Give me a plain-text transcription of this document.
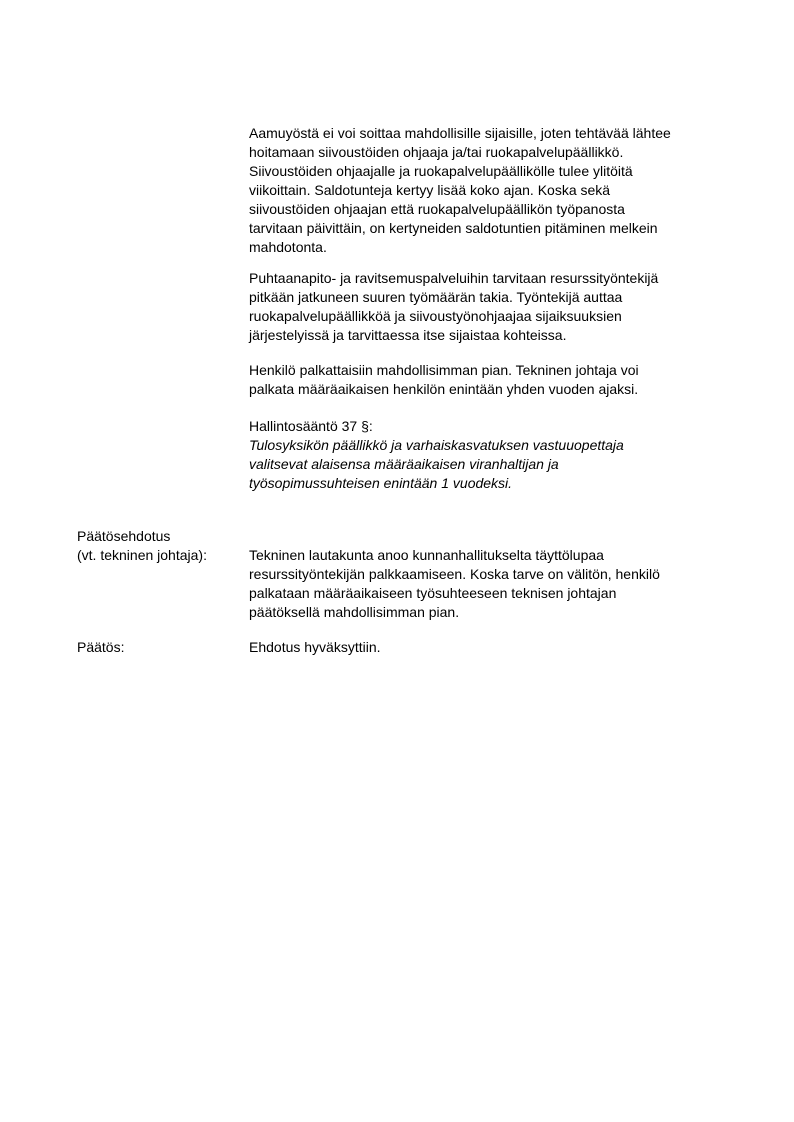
Aamuyöstä ei voi soittaa mahdollisille sijaisille, joten tehtävää lähtee
hoitamaan siivoustöiden ohjaaja ja/tai ruokapalvelupäällikkö.
Siivoustöiden ohjaajalle ja ruokapalvelupäällikölle tulee ylitöitä
viikoittain. Saldotunteja kertyy lisää koko ajan. Koska sekä
siivoustöiden ohjaajan että ruokapalvelupäällikön työpanosta
tarvitaan päivittäin, on kertyneiden saldotuntien pitäminen melkein
mahdotonta.

Puhtaanapito- ja ravitsemuspalveluihin tarvitaan resurssityöntekijä
pitkään jatkuneen suuren työmäärän takia. Työntekijä auttaa
ruokapalvelupäällikköä ja siivoustyönohjaajaa sijaiksuuksien
järjestelyissä ja tarvittaessa itse sijaistaa kohteissa.

Henkilö palkattaisiin mahdollisimman pian. Tekninen johtaja voi
palkata määräaikaisen henkilön enintään yhden vuoden ajaksi.

Hallintosääntö 37 §:

Tulosyksikön päällikkö ja varhaiskasvatuksen vastuuopettaja
valitsevat alaisensa määräaikaisen viranhaltijan ja
työsopimussuhteisen enintään 1 vuodeksi.

Päätösehdotus
(vt. tekninen johtaja):	Tekninen lautakunta anoo kunnanhallitukselta täyttölupaa
resurssityöntekijän palkkaamiseen. Koska tarve on välitön, henkilö
palkataan määräaikaiseen työsuhteeseen teknisen johtajan
päätöksellä mahdollisimman pian.

Päätös:	Ehdotus hyväksyttiin.
